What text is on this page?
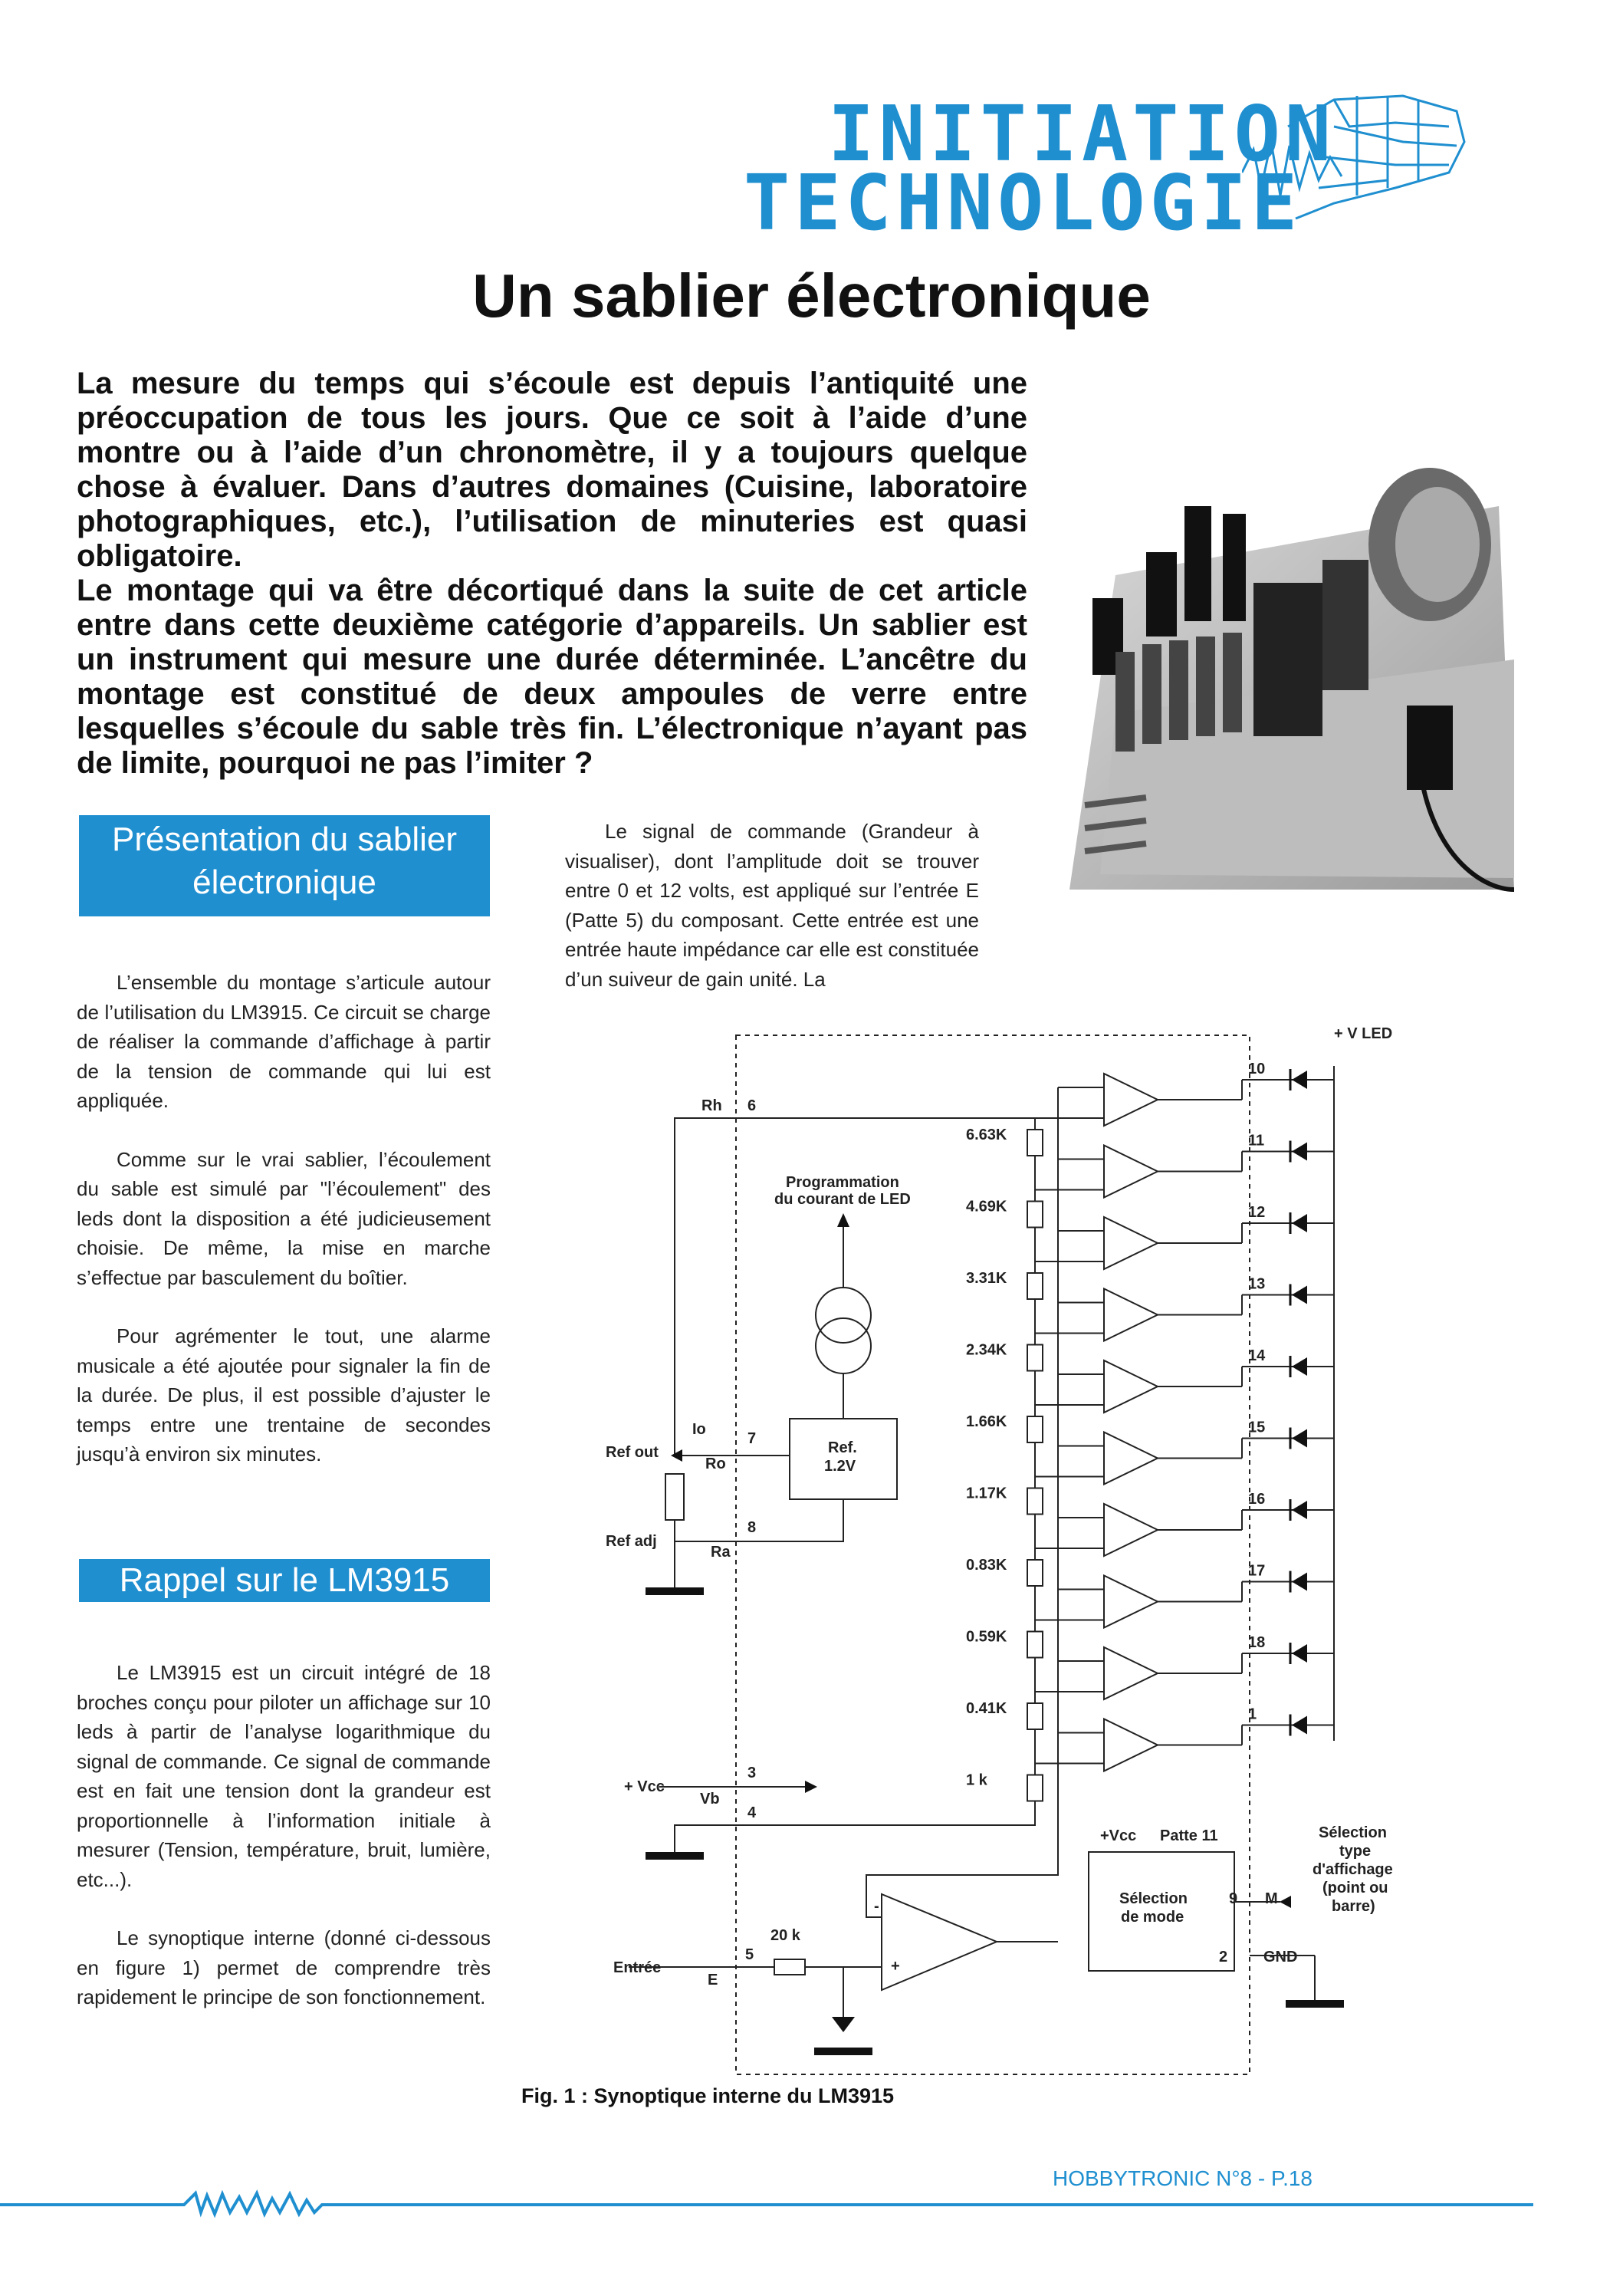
INITIATION
TECHNOLOGIE
Un sablier électronique

La mesure du temps qui s’écoule est depuis l’antiquité une préoccupation de tous les jours. Que ce soit à l’aide d’une montre ou à l’aide d’un chronomètre, il y a toujours quelque chose à évaluer. Dans d’autres domaines (Cuisine, laboratoire photographiques, etc.), l’utilisation de minuteries est quasi obligatoire.

Le montage qui va être décortiqué dans la suite de cet article entre dans cette deuxième catégorie d’appareils. Un sablier est un instrument qui mesure une durée déterminée. L’ancêtre du montage est constitué de deux ampoules de verre entre lesquelles s’écoule du sable très fin. L’électronique n’ayant pas de limite, pourquoi ne pas l’imiter ?

Présentation du sablier électronique

L’ensemble du montage s’articule autour de l’utilisation du LM3915. Ce circuit se charge de réaliser la commande d’affichage à partir de la tension de commande qui lui est appliquée.

Comme sur le vrai sablier, l’écoulement du sable est simulé par "l’écoulement" des leds dont la disposition a été judicieusement choisie. De même, la mise en marche s’effectue par basculement du boîtier.

Pour agrémenter le tout, une alarme musicale a été ajoutée pour signaler la fin de la durée. De plus, il est possible d’ajuster le temps entre une trentaine de secondes jusqu’à environ six minutes.

Rappel sur le LM3915

Le LM3915 est un circuit intégré de 18 broches conçu pour piloter un affichage sur 10 leds à partir de l’analyse logarithmique du signal de commande. Ce signal de commande est en fait une tension dont la grandeur est proportionnelle à l’information initiale à mesurer (Tension, température, bruit, lumière, etc...).

Le synoptique interne (donné ci-dessous en figure 1) permet de comprendre très rapidement le principe de son fonctionnement.

Le signal de commande (Grandeur à visualiser), dont l’amplitude doit se trouver entre 0 et 12 volts, est appliqué sur l’entrée E (Patte 5) du composant. Cette entrée est une entrée haute impédance car elle est constituée d’un suiveur de gain unité. La
10
6.63K	11
4.69K	12
3.31K	13
2.34K	14
1.66K	15
1.17K	16
0.83K	17
0.59K	18
0.41K	1
1 k
+ V LED
Programmation
du courant de LED
Ref.
1.2V
Rh 6
Io
Ro
7
Ref out
Ref adj
Ra
8
+ Vcc
3
Vb
4
Entrée
E
5
20 k
-
+
+Vcc Patte 11
Sélection
de mode
9 M
Sélection
type
d'affichage
(point ou
barre)
2 GND
Fig. 1 : Synoptique interne du LM3915
HOBBYTRONIC N°8 - P.18
